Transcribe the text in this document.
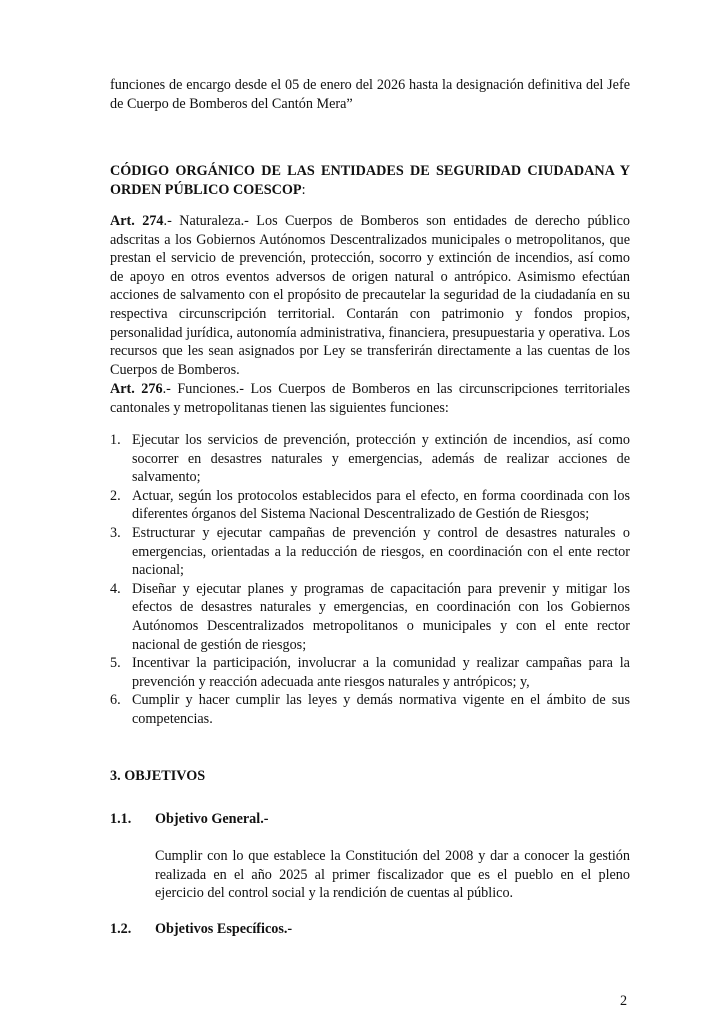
funciones de encargo desde el 05 de enero del 2026 hasta la designación definitiva del Jefe de Cuerpo de Bomberos del Cantón Mera”
CÓDIGO ORGÁNICO DE LAS ENTIDADES DE SEGURIDAD CIUDADANA Y ORDEN PÚBLICO COESCOP:
Art. 274.- Naturaleza.- Los Cuerpos de Bomberos son entidades de derecho público adscritas a los Gobiernos Autónomos Descentralizados municipales o metropolitanos, que prestan el servicio de prevención, protección, socorro y extinción de incendios, así como de apoyo en otros eventos adversos de origen natural o antrópico. Asimismo efectúan acciones de salvamento con el propósito de precautelar la seguridad de la ciudadanía en su respectiva circunscripción territorial. Contarán con patrimonio y fondos propios, personalidad jurídica, autonomía administrativa, financiera, presupuestaria y operativa. Los recursos que les sean asignados por Ley se transferirán directamente a las cuentas de los Cuerpos de Bomberos.
Art. 276.- Funciones.- Los Cuerpos de Bomberos en las circunscripciones territoriales cantonales y metropolitanas tienen las siguientes funciones:
1. Ejecutar los servicios de prevención, protección y extinción de incendios, así como socorrer en desastres naturales y emergencias, además de realizar acciones de salvamento;
2. Actuar, según los protocolos establecidos para el efecto, en forma coordinada con los diferentes órganos del Sistema Nacional Descentralizado de Gestión de Riesgos;
3. Estructurar y ejecutar campañas de prevención y control de desastres naturales o emergencias, orientadas a la reducción de riesgos, en coordinación con el ente rector nacional;
4. Diseñar y ejecutar planes y programas de capacitación para prevenir y mitigar los efectos de desastres naturales y emergencias, en coordinación con los Gobiernos Autónomos Descentralizados metropolitanos o municipales y con el ente rector nacional de gestión de riesgos;
5. Incentivar la participación, involucrar a la comunidad y realizar campañas para la prevención y reacción adecuada ante riesgos naturales y antrópicos; y,
6. Cumplir y hacer cumplir las leyes y demás normativa vigente en el ámbito de sus competencias.
3. OBJETIVOS
1.1. Objetivo General.-
Cumplir con lo que establece la Constitución del 2008 y dar a conocer la gestión realizada en el año 2025 al primer fiscalizador que es el pueblo en el pleno ejercicio del control social y la rendición de cuentas al público.
1.2. Objetivos Específicos.-
2
